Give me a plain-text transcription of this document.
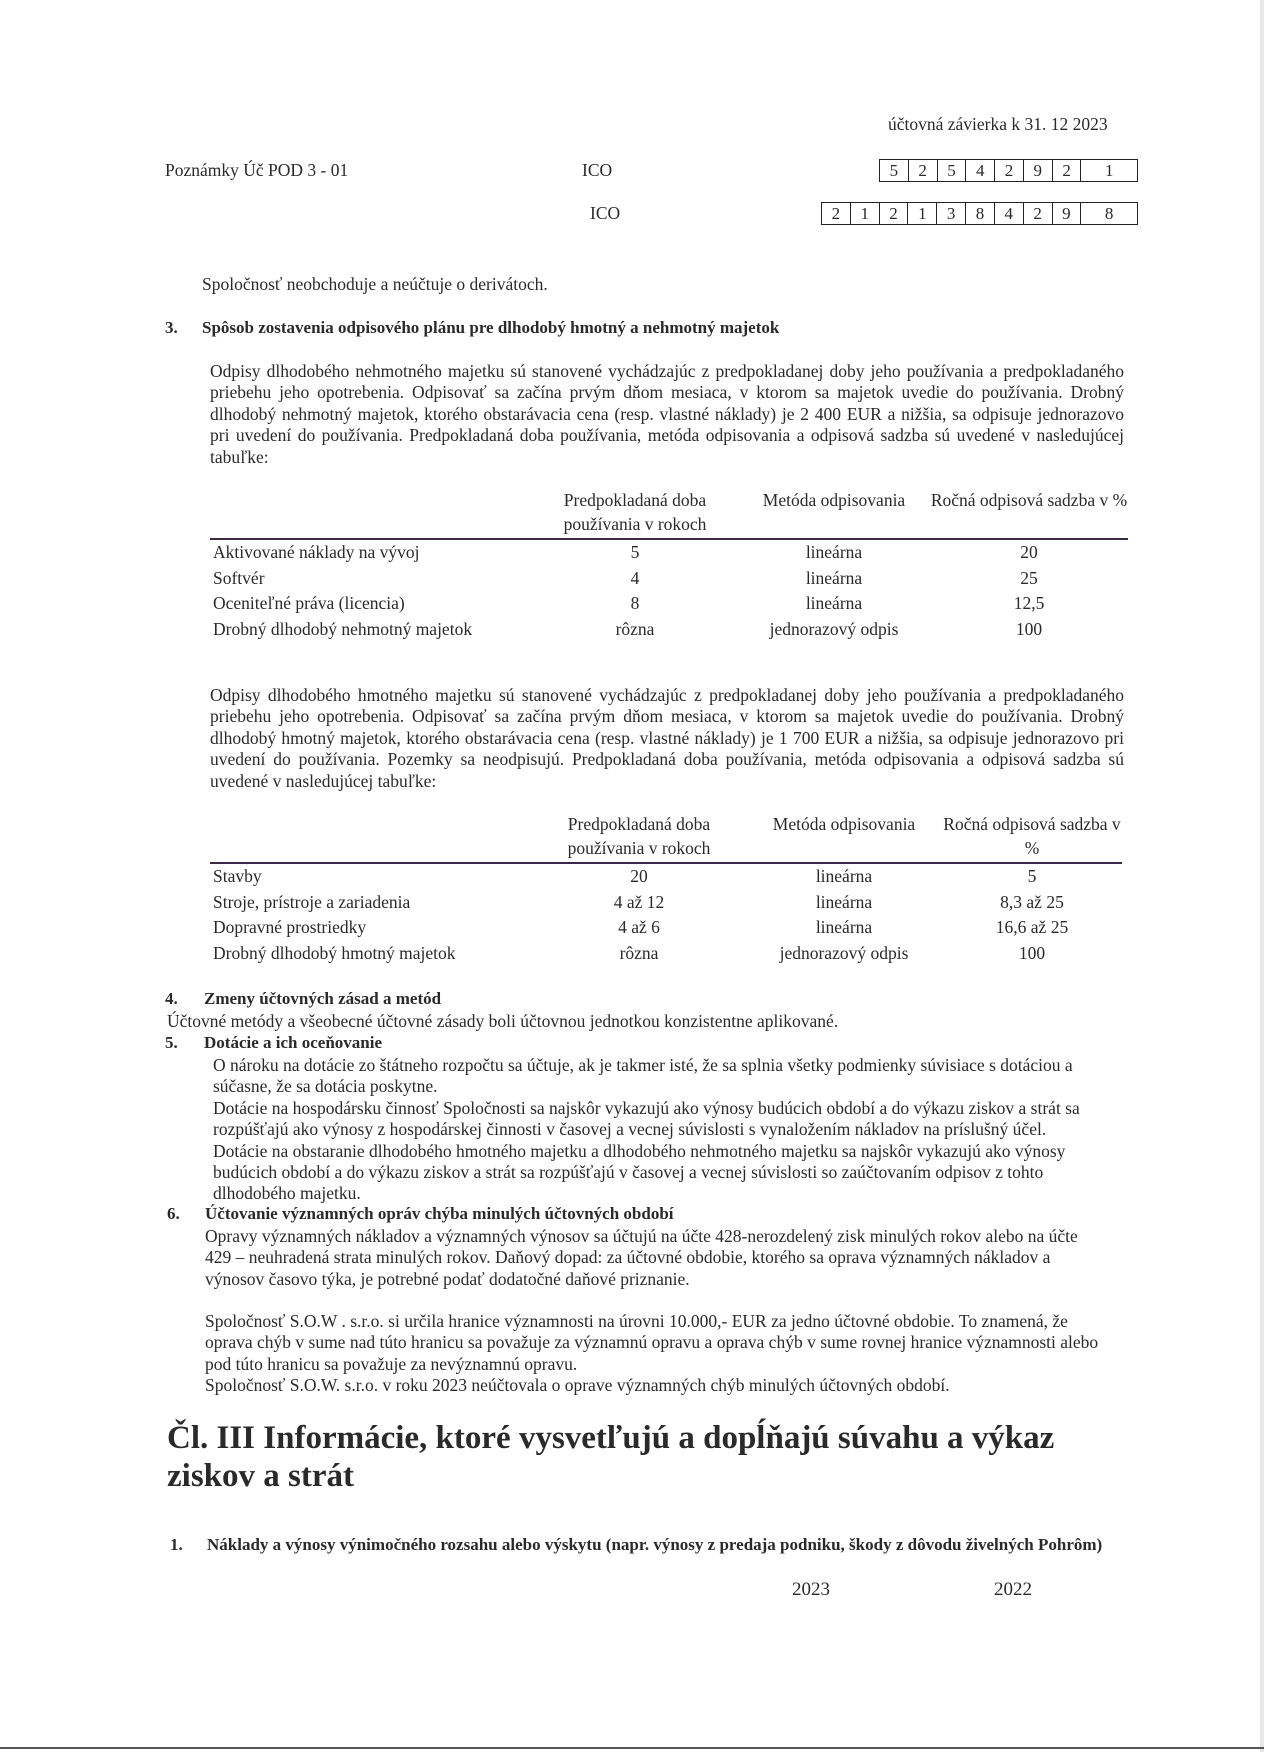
účtovná závierka k 31. 12 2023
Poznámky Úč POD 3 - 01	ICO	5	2	5	4	2	9	2	1
ICO	2	1	2	1	3	8	4	2	9	8
Spoločnosť neobchoduje a neúčtuje o derivátoch.
3. Spôsob zostavenia odpisového plánu pre dlhodobý hmotný a nehmotný majetok
Odpisy dlhodobého nehmotného majetku sú stanovené vychádzajúc z predpokladanej doby jeho používania a predpokladaného priebehu jeho opotrebenia. Odpisovať sa začína prvým dňom mesiaca, v ktorom sa majetok uvedie do používania. Drobný dlhodobý nehmotný majetok, ktorého obstarávacia cena (resp. vlastné náklady) je 2 400 EUR a nižšia, sa odpisuje jednorazovo pri uvedení do používania. Predpokladaná doba používania, metóda odpisovania a odpisová sadzba sú uvedené v nasledujúcej tabuľke:
	Predpokladaná doba používania v rokoch	Metóda odpisovania	Ročná odpisová sadzba v %
Aktivované náklady na vývoj	5	lineárna	20
Softvér	4	lineárna	25
Oceniteľné práva (licencia)	8	lineárna	12,5
Drobný dlhodobý nehmotný majetok	rôzna	jednorazový odpis	100
Odpisy dlhodobého hmotného majetku sú stanovené vychádzajúc z predpokladanej doby jeho používania a predpokladaného priebehu jeho opotrebenia. Odpisovať sa začína prvým dňom mesiaca, v ktorom sa majetok uvedie do používania. Drobný dlhodobý hmotný majetok, ktorého obstarávacia cena (resp. vlastné náklady) je 1 700 EUR a nižšia, sa odpisuje jednorazovo pri uvedení do používania. Pozemky sa neodpisujú. Predpokladaná doba používania, metóda odpisovania a odpisová sadzba sú uvedené v nasledujúcej tabuľke:
	Predpokladaná doba používania v rokoch	Metóda odpisovania	Ročná odpisová sadzba v %
Stavby	20	lineárna	5
Stroje, prístroje a zariadenia	4 až 12	lineárna	8,3 až 25
Dopravné prostriedky	4 až 6	lineárna	16,6 až 25
Drobný dlhodobý hmotný majetok	rôzna	jednorazový odpis	100
4. Zmeny účtovných zásad a metód
Účtovné metódy a všeobecné účtovné zásady boli účtovnou jednotkou konzistentne aplikované.
5. Dotácie a ich oceňovanie
O nároku na dotácie zo štátneho rozpočtu sa účtuje, ak je takmer isté, že sa splnia všetky podmienky súvisiace s dotáciou a súčasne, že sa dotácia poskytne.
Dotácie na hospodársku činnosť Spoločnosti sa najskôr vykazujú ako výnosy budúcich období a do výkazu ziskov a strát sa rozpúšťajú ako výnosy z hospodárskej činnosti v časovej a vecnej súvislosti s vynaložením nákladov na príslušný účel.
Dotácie na obstaranie dlhodobého hmotného majetku a dlhodobého nehmotného majetku sa najskôr vykazujú ako výnosy budúcich období a do výkazu ziskov a strát sa rozpúšťajú v časovej a vecnej súvislosti so zaúčtovaním odpisov z tohto dlhodobého majetku.
6. Účtovanie významných opráv chýba minulých účtovných období
Opravy významných nákladov a významných výnosov sa účtujú na účte 428-nerozdelený zisk minulých rokov alebo na účte 429 – neuhradená strata minulých rokov. Daňový dopad: za účtovné obdobie, ktorého sa oprava významných nákladov a výnosov časovo týka, je potrebné podať dodatočné daňové priznanie.
Spoločnosť S.O.W . s.r.o. si určila hranice významnosti na úrovni 10.000,- EUR za jedno účtovné obdobie. To znamená, že oprava chýb v sume nad túto hranicu sa považuje za významnú opravu a oprava chýb v sume rovnej hranice významnosti alebo pod túto hranicu sa považuje za nevýznamnú opravu.
Spoločnosť S.O.W. s.r.o. v roku 2023 neúčtovala o oprave významných chýb minulých účtovných období.
Čl. III Informácie, ktoré vysvetľujú a dopĺňajú súvahu a výkaz ziskov a strát
1. Náklady a výnosy výnimočného rozsahu alebo výskytu (napr. výnosy z predaja podniku, škody z dôvodu živelných Pohrôm)
2023	2022
